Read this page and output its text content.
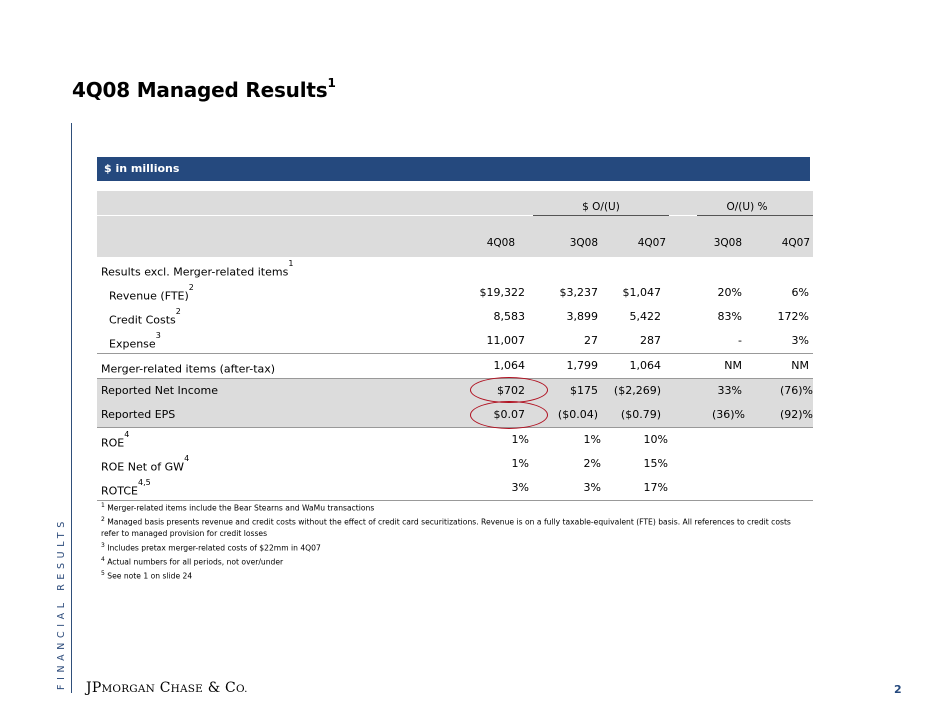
4Q08 Managed Results$^1$
FINANCIAL RESULTS
$ in millions
$ O/(U)	O/(U) %
4Q08	3Q08	4Q07	3Q08	4Q07
Results excl. Merger-related items$^1$
Revenue (FTE)$^2$	$19,322	$3,237	$1,047	20%	6%
Credit Costs$^2$	8,583	3,899	5,422	83%	172%
Expense$^3$	11,007	27	287	-	3%
Merger-related items (after-tax)	1,064	1,799	1,064	NM	NM
Reported Net Income	$702	$175	($2,269)	33%	(76)%
Reported EPS	$0.07	($0.04)	($0.79)	(36)%	(92)%
ROE$^4$	1%	1%	10%
ROE Net of $GW^4$	1%	2%	15%
ROTCE$^{4,5}$	3%	3%	17%
$^1$ Merger-related items include the Bear Stearns and WaMu transactions
$^2$ Managed basis presents revenue and credit costs without the effect of credit card securitizations. Revenue is on a fully taxable-equivalent (FTE) basis. All references to credit costs refer to managed provision for credit losses
$^3$ Includes pretax merger-related costs of $22mm in 4Q07
$^4$ Actual numbers for all periods, not over/under
$^5$ See note 1 on slide 24
JPMORGAN CHASE & CO.	2
